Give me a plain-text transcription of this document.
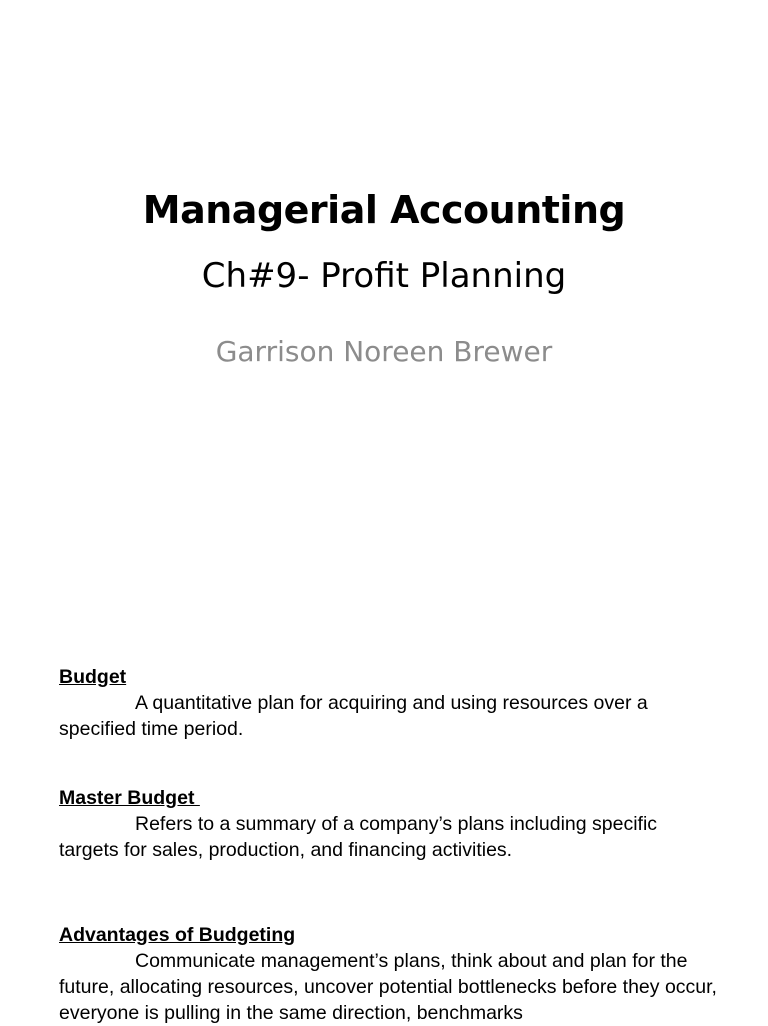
Managerial Accounting
Ch#9- Profit Planning
Garrison Noreen Brewer
Budget

A quantitative plan for acquiring and using resources over a specified time period.

Master Budget

Refers to a summary of a company’s plans including specific targets for sales, production, and financing activities.

Advantages of Budgeting

Communicate management’s plans, think about and plan for the future, allocating resources, uncover potential bottlenecks before they occur, everyone is pulling in the same direction, benchmarks
